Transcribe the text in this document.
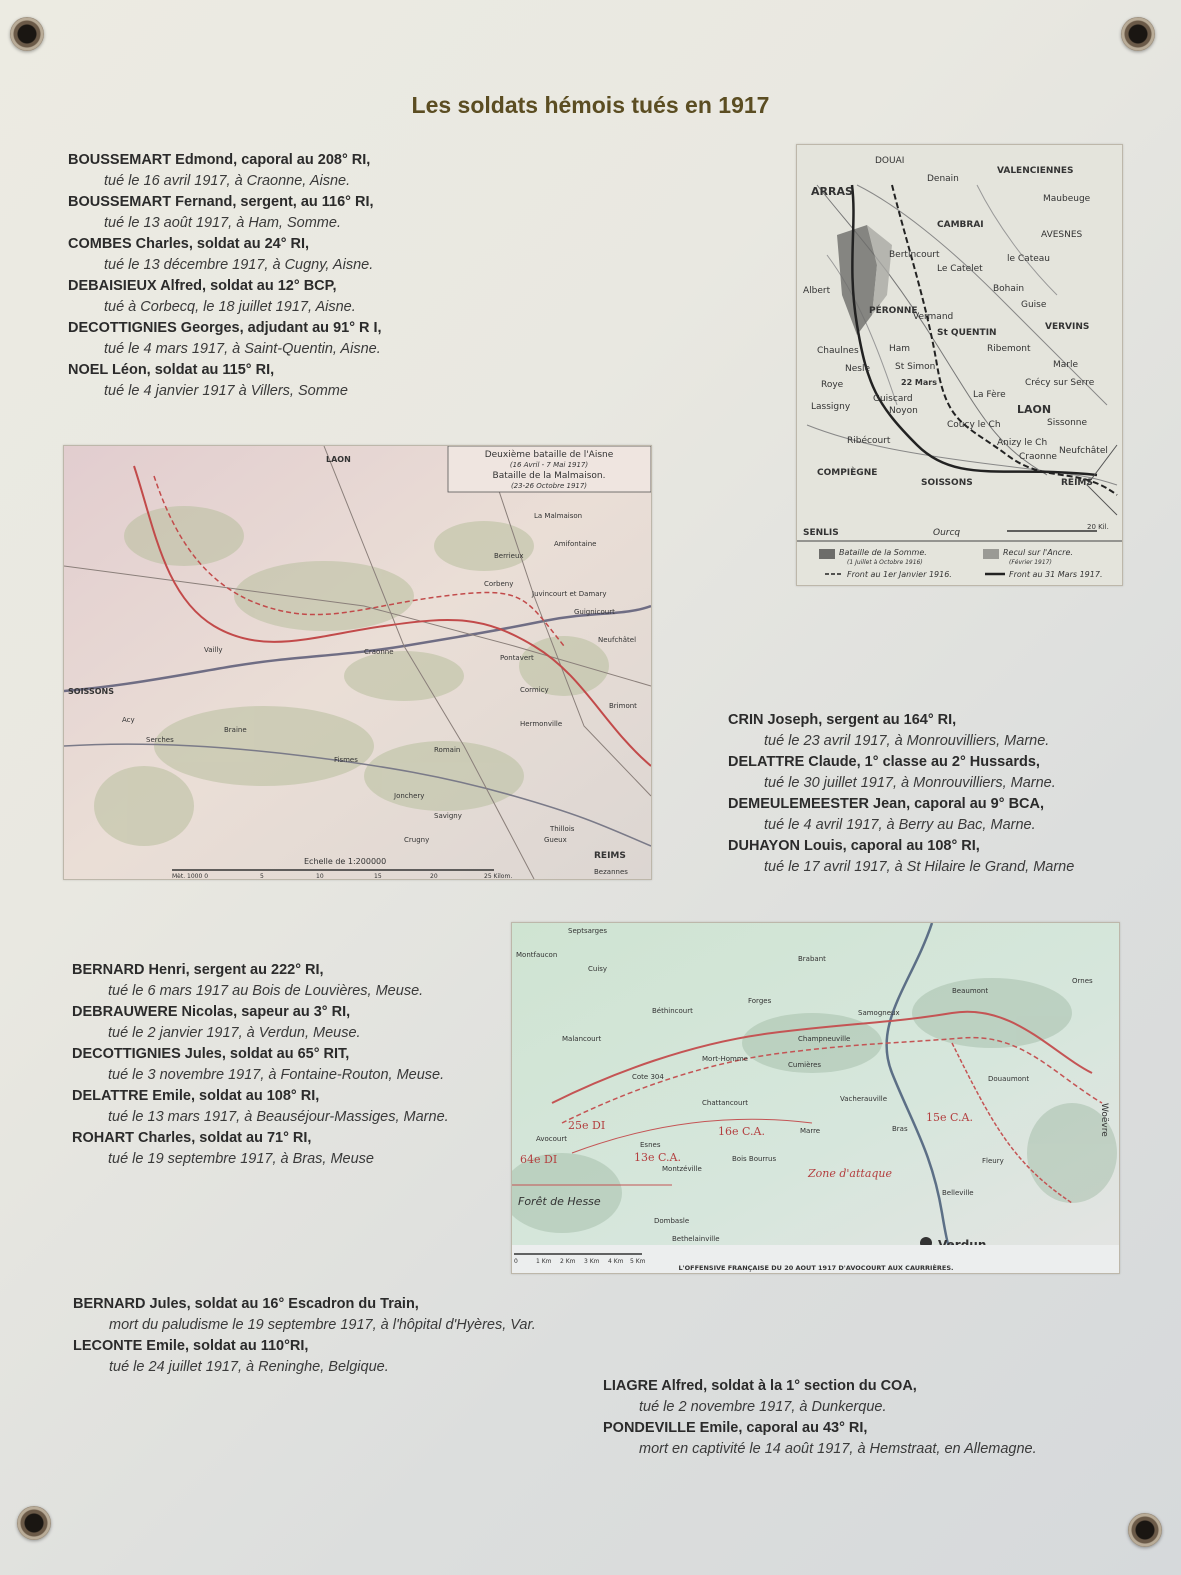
Les soldats hémois tués en 1917
BOUSSEMART Edmond, caporal au 208° RI,
tué le 16 avril 1917, à Craonne, Aisne.
BOUSSEMART Fernand, sergent, au 116° RI,
tué le 13 août 1917, à Ham, Somme.
COMBES Charles, soldat au 24° RI,
tué le 13 décembre 1917, à Cugny, Aisne.
DEBAISIEUX Alfred, soldat au 12° BCP,
tué à Corbecq, le 18 juillet 1917, Aisne.
DECOTTIGNIES Georges, adjudant au 91° R I,
tué le 4 mars 1917, à Saint-Quentin, Aisne.
NOEL Léon, soldat au 115° RI,
tué le 4 janvier 1917 à Villers, Somme
DOUAI
VALENCIENNES
ARRAS
Denain
Maubeuge
CAMBRAI
AVESNES
Bertincourt	le Cateau
Albert
Le Catelet
PÉRONNE
Bohain
Guise
Vermand
St QUENTIN
VERVINS
Chaulnes	Ham	Ribemont
Marle
Nesle	St Simon
Roye
Guiscard	La Fère
Crécy sur Serre
Lassigny	Noyon	LAON
Sissonne
Coucy le Ch
Anizy le Ch
Ribécourt
Neufchâtel
Craonne
COMPIÈGNE
SOISSONS	REIMS
SENLIS	Ourcq
22 Mars
20 Kil.
Bataille de la Somme.
(1 Juillet à Octobre 1916)
Recul sur l'Ancre.
(Février 1917)
Front au 1er Janvier 1916.	Front au 31 Mars 1917.
Deuxième bataille de l'Aisne
(16 Avril - 7 Mai 1917)
Bataille de la Malmaison.
(23-26 Octobre 1917)
LAON
La Malmaison
Amifontaine
Berrieux
Corbeny
Juvincourt et Damary
Guignicourt
Neufchâtel
Craonne
Pontavert
SOISSONS
Vailly
Braine
Fismes
Romain
Cormicy
Hermonville
Brimont
REIMS
Bezannes
Acy
Serches
Jonchery
Gueux
Thillois
Crugny
Savigny
Echelle de 1:200000
Mèt. 1000 0	5	10	15	20	25 Kilom.
CRIN Joseph, sergent au 164° RI,
tué le 23 avril 1917, à Monrouvilliers, Marne.
DELATTRE Claude, 1° classe au 2° Hussards,
tué le 30 juillet 1917, à Monrouvilliers, Marne.
DEMEULEMEESTER Jean, caporal au 9° BCA,
tué le 4 avril 1917, à Berry au Bac, Marne.
DUHAYON Louis, caporal au 108° RI,
tué le 17 avril 1917, à St Hilaire le Grand, Marne
Montfaucon
Septsarges
Cuisy
Cote 304
Malancourt
Béthincourt
Forges
Samogneux
Brabant
Beaumont
Cumières
Champneuville
Mort-Homme
Chattancourt	Vacherauville
Douaumont
Esnes
Avocourt
Forêt de Hesse
Montzéville
Bois Bourrus
Marre	Bras
Fleury
Belleville
Dombasle
Bethelainville
Woëvre
Ornes
16e C.A.
13e C.A.
15e C.A.
25e DI
64e DI
Zone d'attaque
0	1 Km 2 Km 3 Km 4 Km 5 Km
L'OFFENSIVE FRANÇAISE DU 20 AOUT 1917 D'AVOCOURT AUX CAURRIÈRES.
BERNARD Henri, sergent au 222° RI,
tué le 6 mars 1917 au Bois de Louvières, Meuse.
DEBRAUWERE Nicolas, sapeur au 3° RI,
tué le 2 janvier 1917, à Verdun, Meuse.
DECOTTIGNIES Jules, soldat au 65° RIT,
tué le 3 novembre 1917, à Fontaine-Routon, Meuse.
DELATTRE Emile, soldat au 108° RI,
tué le 13 mars 1917, à Beauséjour-Massiges, Marne.
ROHART Charles, soldat au 71° RI,
tué le 19 septembre 1917, à Bras, Meuse
BERNARD Jules, soldat au 16° Escadron du Train,
mort du paludisme le 19 septembre 1917, à l'hôpital d'Hyères, Var.
LECONTE Emile, soldat au 110°RI,
tué le 24 juillet 1917, à Reninghe, Belgique.
LIAGRE Alfred, soldat à la 1° section du COA,
tué le 2 novembre 1917, à Dunkerque.
PONDEVILLE Emile, caporal au 43° RI,
mort en captivité le 14 août 1917, à Hemstraat, en Allemagne.
